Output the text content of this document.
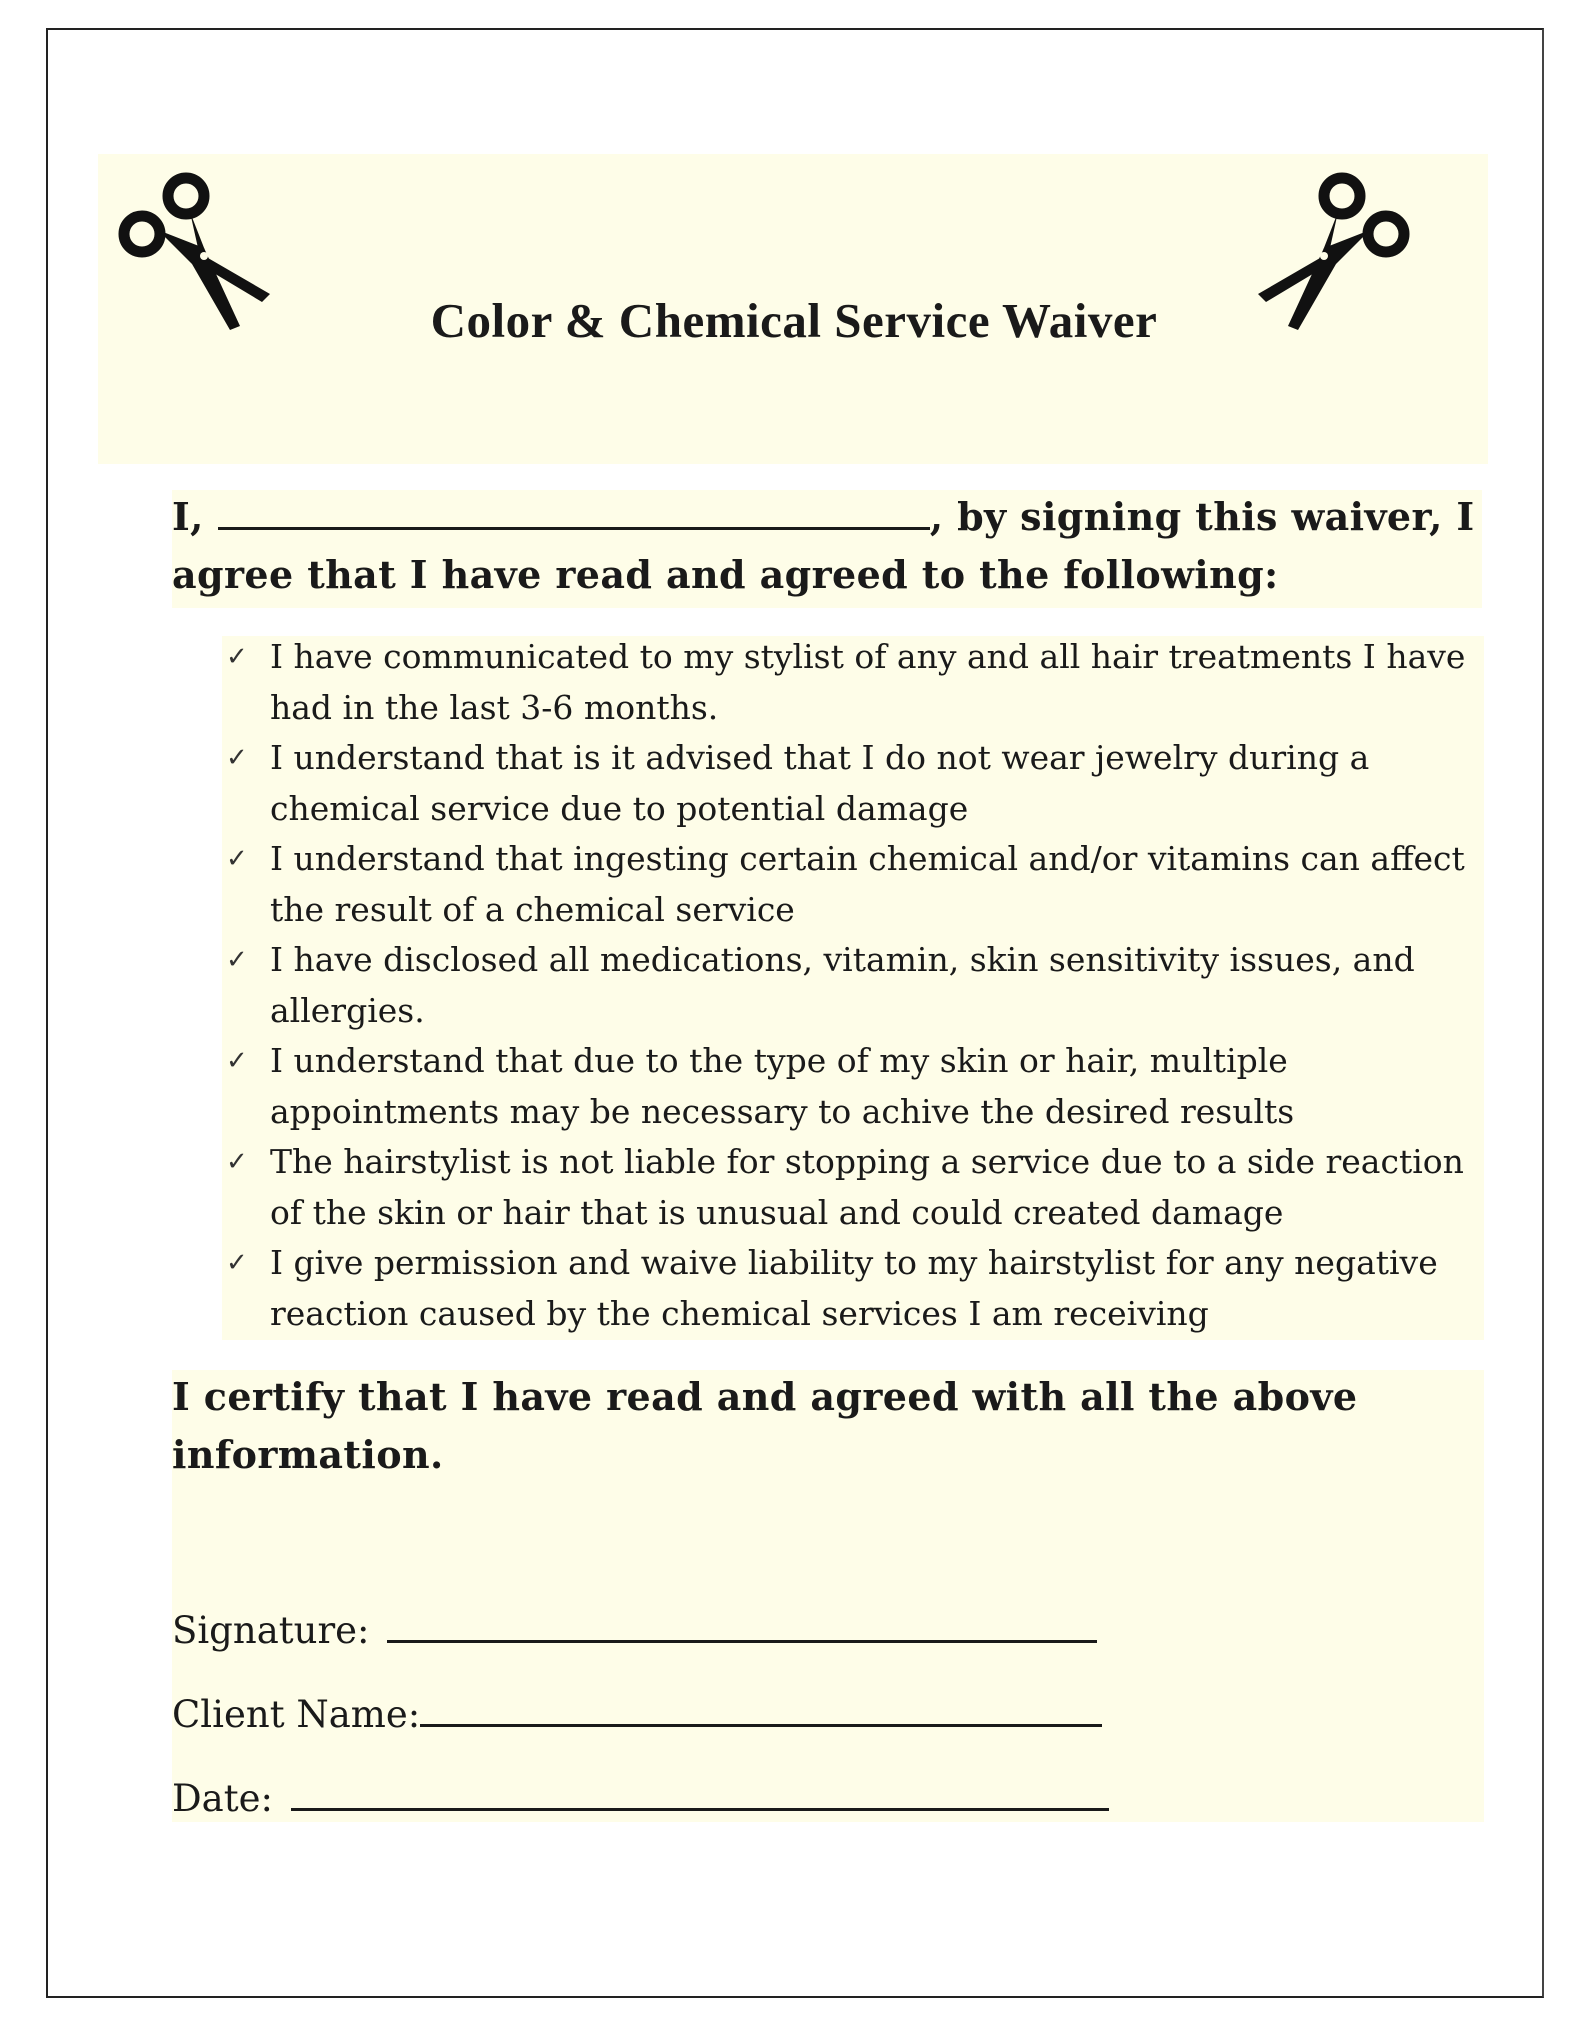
Color & Chemical Service Waiver
I,	, by signing this waiver, I agree that I have read and agreed to the following:
✓ I have communicated to my stylist of any and all hair treatments I have had in the last 3-6 months.
✓ I understand that is it advised that I do not wear jewelry during a chemical service due to potential damage
✓ I understand that ingesting certain chemical and/or vitamins can affect the result of a chemical service
✓ I have disclosed all medications, vitamin, skin sensitivity issues, and allergies.
✓ I understand that due to the type of my skin or hair, multiple appointments may be necessary to achive the desired results
✓ The hairstylist is not liable for stopping a service due to a side reaction of the skin or hair that is unusual and could created damage
✓ I give permission and waive liability to my hairstylist for any negative reaction caused by the chemical services I am receiving
I certify that I have read and agreed with all the above information.
Signature:
Client Name:
Date:
